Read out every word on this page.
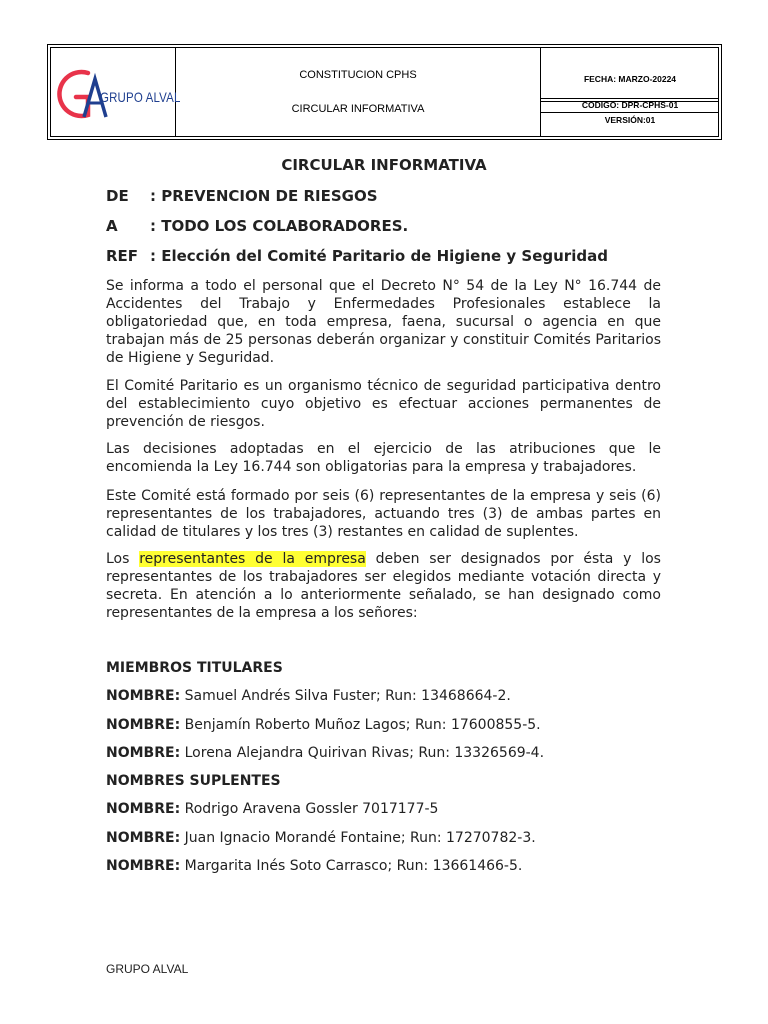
GRUPO ALVAL
CONSTITUCION CPHS
CIRCULAR INFORMATIVA
FECHA: MARZO-20224
CODIGO: DPR-CPHS-01
VERSIÓN:01
CIRCULAR INFORMATIVA
DE : PREVENCION DE RIESGOS
A : TODO LOS COLABORADORES.
REF : Elección del Comité Paritario de Higiene y Seguridad

Se informa a todo el personal que el Decreto N° 54 de la Ley N° 16.744 de Accidentes del Trabajo y Enfermedades Profesionales establece la obligatoriedad que, en toda empresa, faena, sucursal o agencia en que trabajan más de 25 personas deberán organizar y constituir Comités Paritarios de Higiene y Seguridad.

El Comité Paritario es un organismo técnico de seguridad participativa dentro del establecimiento cuyo objetivo es efectuar acciones permanentes de prevención de riesgos.

Las decisiones adoptadas en el ejercicio de las atribuciones que le encomienda la Ley 16.744 son obligatorias para la empresa y trabajadores.

Este Comité está formado por seis (6) representantes de la empresa y seis (6) representantes de los trabajadores, actuando tres (3) de ambas partes en calidad de titulares y los tres (3) restantes en calidad de suplentes.

Los representantes de la empresa deben ser designados por ésta y los representantes de los trabajadores ser elegidos mediante votación directa y secreta. En atención a lo anteriormente señalado, se han designado como representantes de la empresa a los señores:

MIEMBROS TITULARES
NOMBRE: Samuel Andrés Silva Fuster; Run: 13468664-2.
NOMBRE: Benjamín Roberto Muñoz Lagos; Run: 17600855-5.
NOMBRE: Lorena Alejandra Quirivan Rivas; Run: 13326569-4.
NOMBRES SUPLENTES
NOMBRE: Rodrigo Aravena Gossler 7017177-5
NOMBRE: Juan Ignacio Morandé Fontaine; Run: 17270782-3.
NOMBRE: Margarita Inés Soto Carrasco; Run: 13661466-5.
GRUPO ALVAL
